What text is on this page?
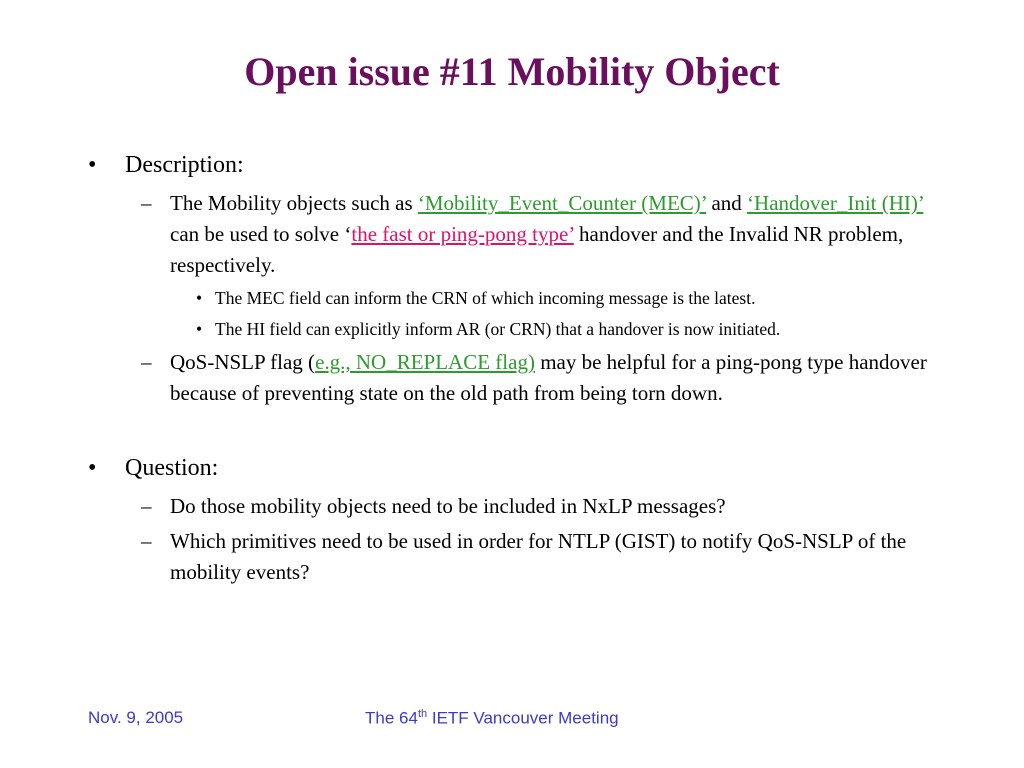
Open issue #11 Mobility Object

• Description:

– The Mobility objects such as ‘Mobility_Event_Counter (MEC)’ and ‘Handover_Init (HI)’ can be used to solve ‘the fast or ping-pong type’ handover and the Invalid NR problem, respectively.

• The MEC field can inform the CRN of which incoming message is the latest.

• The HI field can explicitly inform AR (or CRN) that a handover is now initiated.

– QoS-NSLP flag (e.g., NO_REPLACE flag) may be helpful for a ping-pong type handover because of preventing state on the old path from being torn down.

• Question:

– Do those mobility objects need to be included in NxLP messages?

– Which primitives need to be used in order for NTLP (GIST) to notify QoS-NSLP of the mobility events?

Nov. 9, 2005	The 64th IETF Vancouver Meeting
